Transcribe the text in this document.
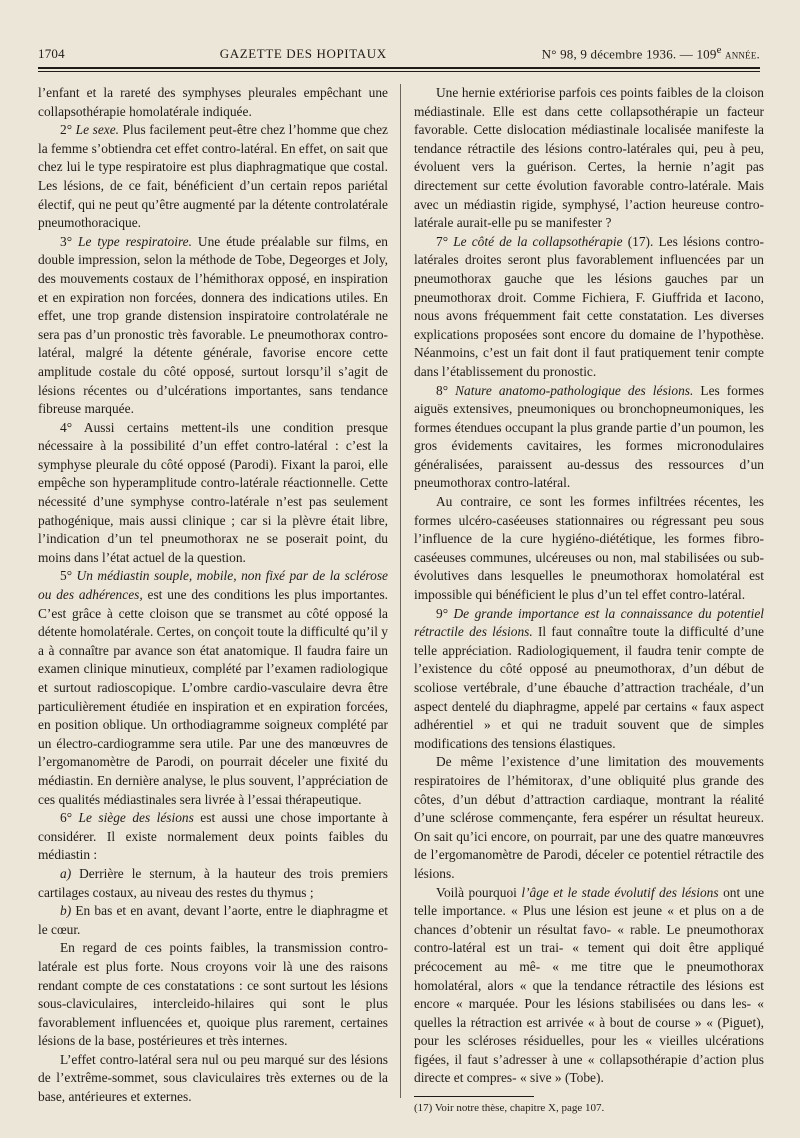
1704	GAZETTE DES HOPITAUX	N° 98, 9 décembre 1936. — 109e année.

l’enfant et la rareté des symphyses pleurales empêchant une collapsothérapie homolatérale indiquée.

2° Le sexe. Plus facilement peut-être chez l’homme que chez la femme s’obtiendra cet effet contro-latéral. En effet, on sait que chez lui le type respiratoire est plus diaphragmatique que costal. Les lésions, de ce fait, bénéficient d’un certain repos pariétal électif, qui ne peut qu’être augmenté par la détente controlatérale pneumothoracique.

3° Le type respiratoire. Une étude préalable sur films, en double impression, selon la méthode de Tobe, Degeorges et Joly, des mouvements costaux de l’hémithorax opposé, en inspiration et en expiration non forcées, donnera des indications utiles. En effet, une trop grande distension inspiratoire controlatérale ne sera pas d’un pronostic très favorable. Le pneumothorax contro-latéral, malgré la détente générale, favorise encore cette amplitude costale du côté opposé, surtout lorsqu’il s’agit de lésions récentes ou d’ulcérations importantes, sans tendance fibreuse marquée.

4° Aussi certains mettent-ils une condition presque nécessaire à la possibilité d’un effet contro-latéral : c’est la symphyse pleurale du côté opposé (Parodi). Fixant la paroi, elle empêche son hyperamplitude contro-latérale réactionnelle. Cette nécessité d’une symphyse contro-latérale n’est pas seulement pathogénique, mais aussi clinique ; car si la plèvre était libre, l’indication d’un tel pneumothorax ne se poserait point, du moins dans l’état actuel de la question.

5° Un médiastin souple, mobile, non fixé par de la sclérose ou des adhérences, est une des conditions les plus importantes. C’est grâce à cette cloison que se transmet au côté opposé la détente homolatérale. Certes, on conçoit toute la difficulté qu’il y a à connaître par avance son état anatomique. Il faudra faire un examen clinique minutieux, complété par l’examen radiologique et surtout radioscopique. L’ombre cardio-vasculaire devra être particulièrement étudiée en inspiration et en expiration forcées, en position oblique. Un orthodiagramme soigneux complété par un électro-cardiogramme sera utile. Par une des manœuvres de l’ergomanomètre de Parodi, on pourrait déceler une fixité du médiastin. En dernière analyse, le plus souvent, l’appréciation de ces qualités médiastinales sera livrée à l’essai thérapeutique.

6° Le siège des lésions est aussi une chose importante à considérer. Il existe normalement deux points faibles du médiastin :

a) Derrière le sternum, à la hauteur des trois premiers cartilages costaux, au niveau des restes du thymus ;

b) En bas et en avant, devant l’aorte, entre le diaphragme et le cœur.

En regard de ces points faibles, la transmission contro-latérale est plus forte. Nous croyons voir là une des raisons rendant compte de ces constatations : ce sont surtout les lésions sous-claviculaires, intercleido-hilaires qui sont le plus favorablement influencées et, quoique plus rarement, certaines lésions de la base, postérieures et très internes.

L’effet contro-latéral sera nul ou peu marqué sur des lésions de l’extrême-sommet, sous claviculaires très externes ou de la base, antérieures et externes.

Une hernie extériorise parfois ces points faibles de la cloison médiastinale. Elle est dans cette collapsothérapie un facteur favorable. Cette dislocation médiastinale localisée manifeste la tendance rétractile des lésions contro-latérales qui, peu à peu, évoluent vers la guérison. Certes, la hernie n’agit pas directement sur cette évolution favorable contro-latérale. Mais avec un médiastin rigide, symphysé, l’action heureuse contro-latérale aurait-elle pu se manifester ?

7° Le côté de la collapsothérapie (17). Les lésions contro-latérales droites seront plus favorablement influencées par un pneumothorax gauche que les lésions gauches par un pneumothorax droit. Comme Fichiera, F. Giuffrida et Iacono, nous avons fréquemment fait cette constatation. Les diverses explications proposées sont encore du domaine de l’hypothèse. Néanmoins, c’est un fait dont il faut pratiquement tenir compte dans l’établissement du pronostic.

8° Nature anatomo-pathologique des lésions. Les formes aiguës extensives, pneumoniques ou bronchopneumoniques, les formes étendues occupant la plus grande partie d’un poumon, les gros évidements cavitaires, les formes micronodulaires généralisées, paraissent au-dessus des ressources d’un pneumothorax contro-latéral.

Au contraire, ce sont les formes infiltrées récentes, les formes ulcéro-caséeuses stationnaires ou régressant peu sous l’influence de la cure hygiéno-diététique, les formes fibro-caséeuses communes, ulcéreuses ou non, mal stabilisées ou sub-évolutives dans lesquelles le pneumothorax homolatéral est impossible qui bénéficient le plus d’un tel effet contro-latéral.

9° De grande importance est la connaissance du potentiel rétractile des lésions. Il faut connaître toute la difficulté d’une telle appréciation. Radiologiquement, il faudra tenir compte de l’existence du côté opposé au pneumothorax, d’un début de scoliose vertébrale, d’une ébauche d’attraction trachéale, d’un aspect dentelé du diaphragme, appelé par certains « faux aspect adhérentiel » et qui ne traduit souvent que de simples modifications des tensions élastiques.

De même l’existence d’une limitation des mouvements respiratoires de l’hémitorax, d’une obliquité plus grande des côtes, d’un début d’attraction cardiaque, montrant la réalité d’une sclérose commençante, fera espérer un résultat heureux. On sait qu’ici encore, on pourrait, par une des quatre manœuvres de l’ergomanomètre de Parodi, déceler ce potentiel rétractile des lésions.

Voilà pourquoi l’âge et le stade évolutif des lésions ont une telle importance. « Plus une lésion est jeune « et plus on a de chances d’obtenir un résultat favo- « rable. Le pneumothorax contro-latéral est un trai- « tement qui doit être appliqué précocement au mê- « me titre que le pneumothorax homolatéral, alors « que la tendance rétractile des lésions est encore « marquée. Pour les lésions stabilisées ou dans les- « quelles la rétraction est arrivée « à bout de course » « (Piguet), pour les scléroses résiduelles, pour les « vieilles ulcérations figées, il faut s’adresser à une « collapsothérapie d’action plus directe et compres- « sive » (Tobe).

(17) Voir notre thèse, chapitre X, page 107.
